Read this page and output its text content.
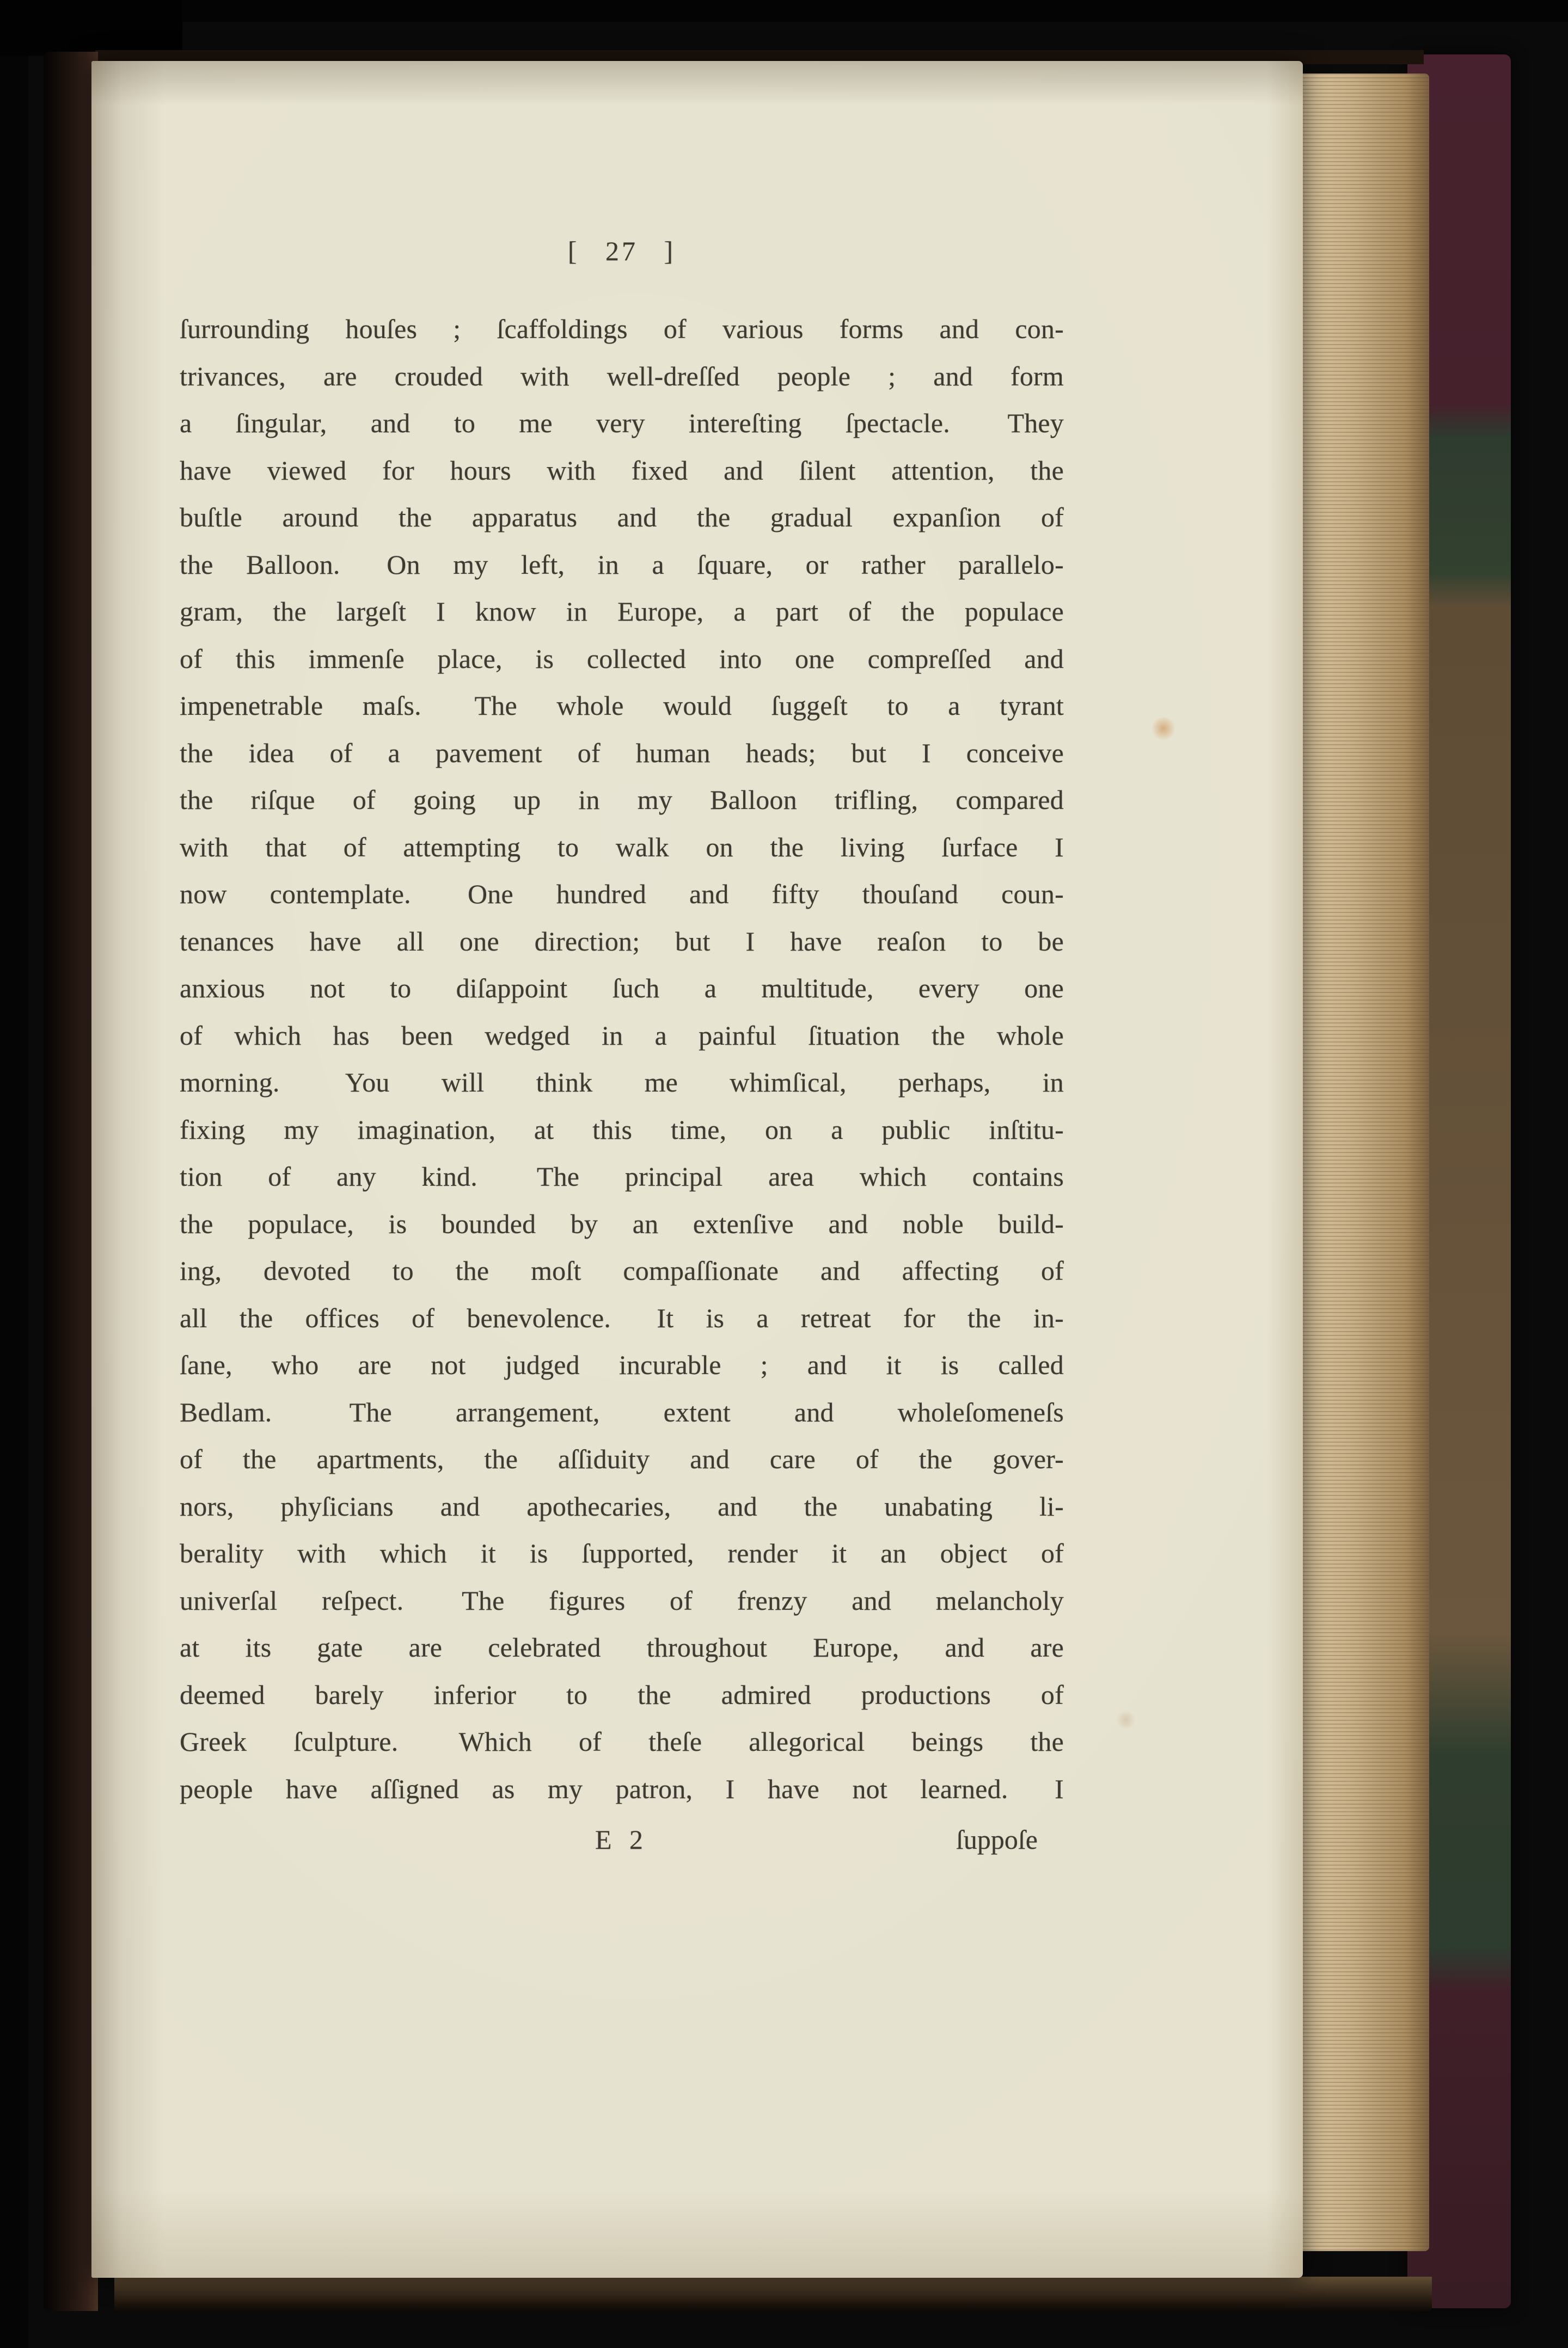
[  27  ]
ſurrounding houſes ; ſcaffoldings of various forms and con-
trivances, are crouded with well-dreſſed people ; and form
a ſingular, and to me very intereſting ſpectacle.  They
have viewed for hours with fixed and ſilent attention, the
buſtle around the apparatus and the gradual expanſion of
the Balloon.  On my left, in a ſquare, or rather parallelo-
gram, the largeſt I know in Europe, a part of the populace
of this immenſe place, is collected into one compreſſed and
impenetrable maſs.  The whole would ſuggeſt to a tyrant
the idea of a pavement of human heads; but I conceive
the riſque of going up in my Balloon trifling, compared
with that of attempting to walk on the living ſurface I
now contemplate.  One hundred and fifty thouſand coun-
tenances have all one direction; but I have reaſon to be
anxious not to diſappoint ſuch a multitude, every one
of which has been wedged in a painful ſituation the whole
morning.  You will think me whimſical, perhaps, in
fixing my imagination, at this time, on a public inſtitu-
tion of any kind.  The principal area which contains
the populace, is bounded by an extenſive and noble build-
ing, devoted to the moſt compaſſionate and affecting of
all the offices of benevolence.  It is a retreat for the in-
ſane, who are not judged incurable ; and it is called
Bedlam.  The arrangement, extent and wholeſomeneſs
of the apartments, the aſſiduity and care of the gover-
nors, phyſicians and apothecaries, and the unabating li-
berality with which it is ſupported, render it an object of
univerſal reſpect.  The figures of frenzy and melancholy
at its gate are celebrated throughout Europe, and are
deemed barely inferior to the admired productions of
Greek ſculpture.  Which of theſe allegorical beings the
people have aſſigned as my patron, I have not learned.  I
E 2	ſuppoſe
